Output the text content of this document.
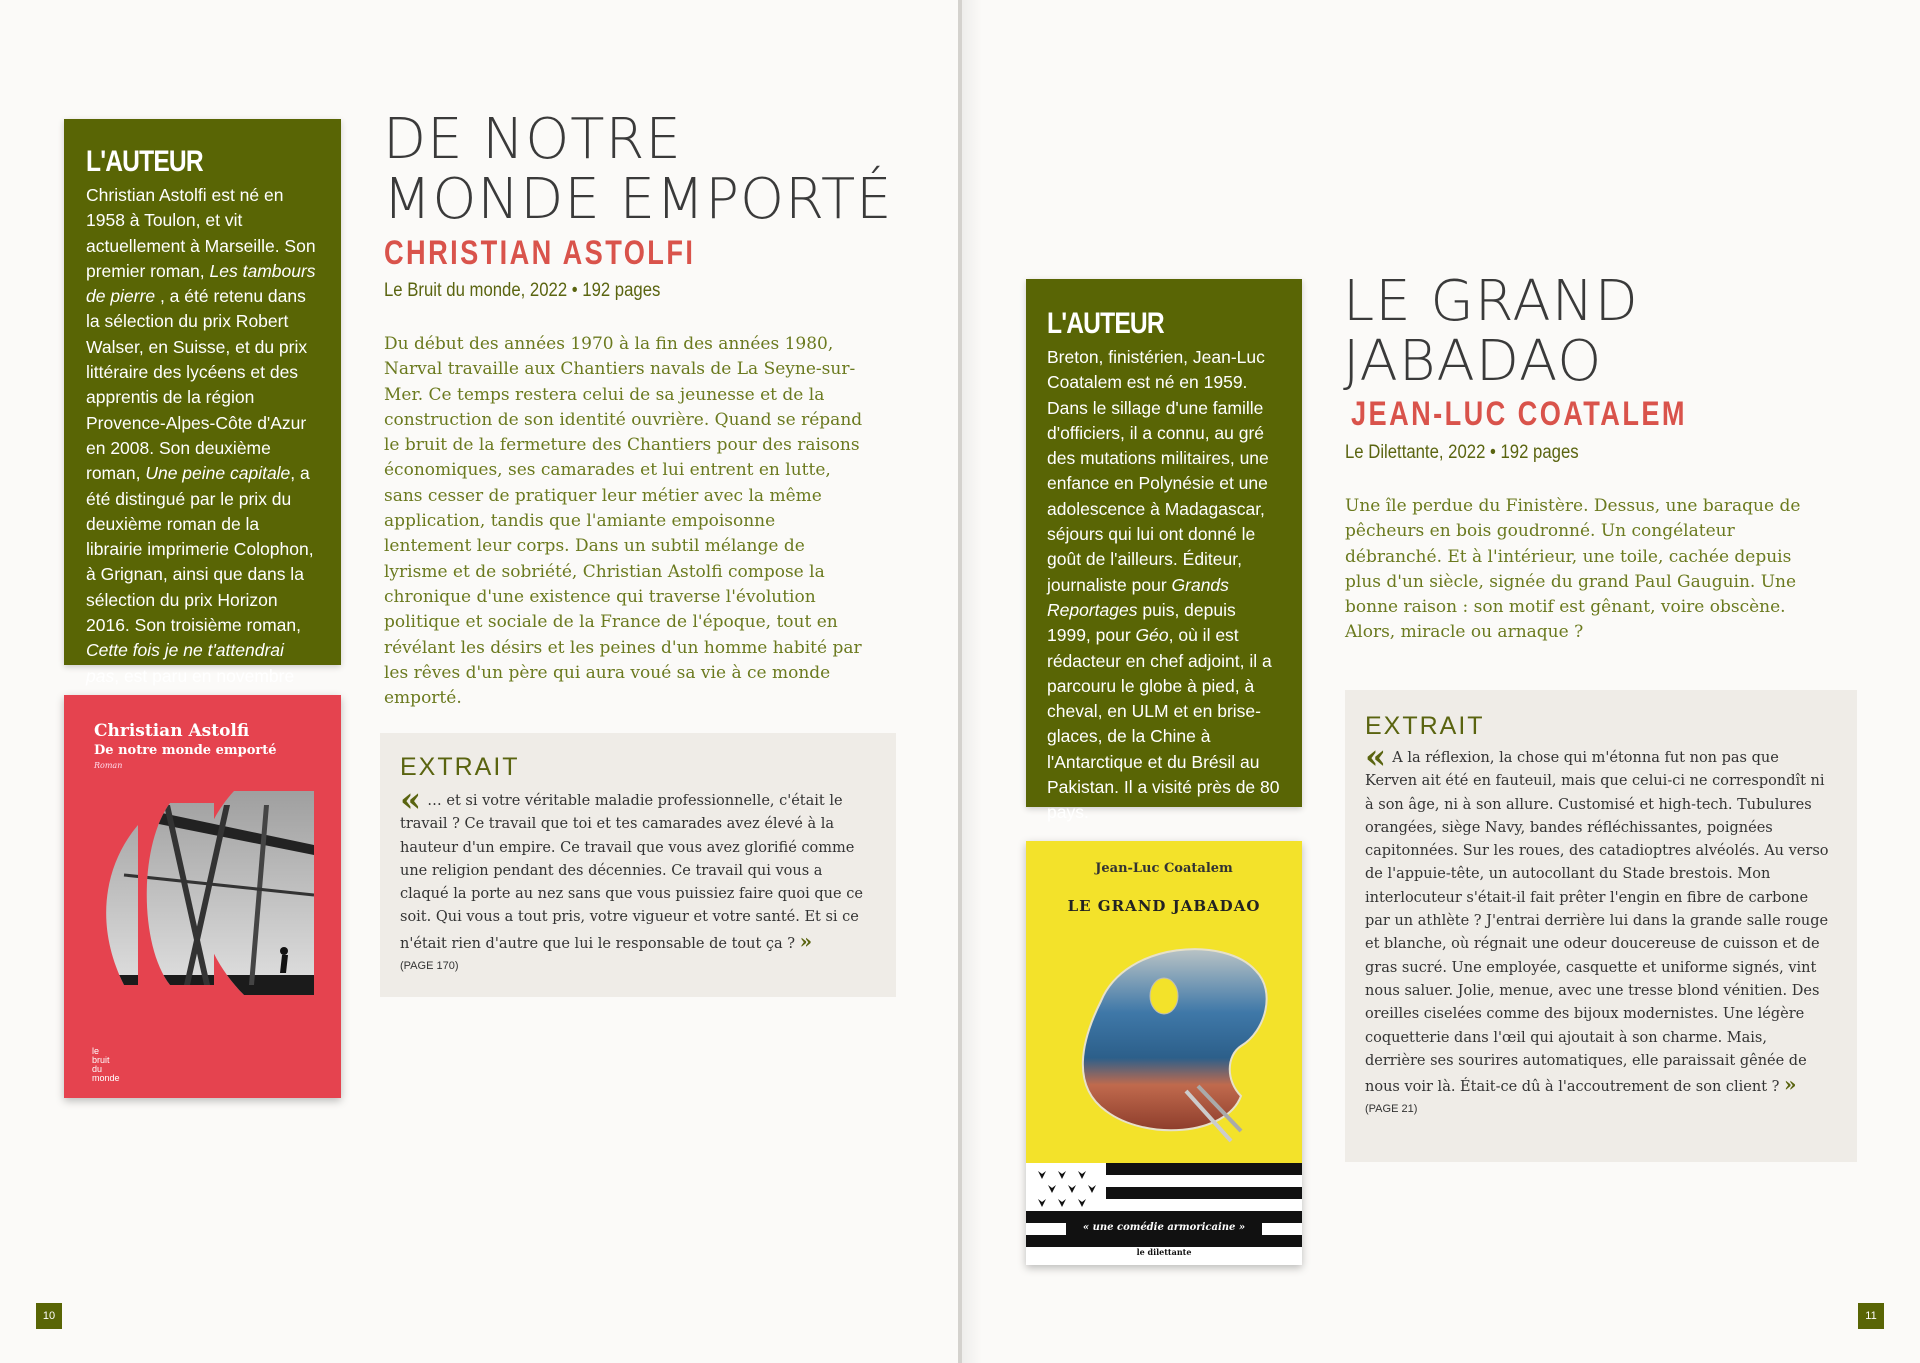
L'AUTEUR

Christian Astolfi est né en 1958 à Toulon, et vit actuellement à Marseille. Son premier roman, Les tambours de pierre , a été retenu dans la sélection du prix Robert Walser, en Suisse, et du prix littéraire des lycéens et des apprentis de la région Provence-Alpes-Côte d'Azur en 2008. Son deuxième roman, Une peine capitale, a été distingué par le prix du deuxième roman de la librairie imprimerie Colophon, à Grignan, ainsi que dans la sélection du prix Horizon 2016. Son troisième roman, Cette fois je ne t'attendrai pas, est paru en novembre

DE NOTRE
MONDE EMPORTÉ
CHRISTIAN ASTOLFI

Le Bruit du monde, 2022 • 192 pages

Du début des années 1970 à la fin des années 1980, Narval travaille aux Chantiers navals de La Seyne-sur-Mer. Ce temps restera celui de sa jeunesse et de la construction de son identité ouvrière. Quand se répand le bruit de la fermeture des Chantiers pour des raisons économiques, ses camarades et lui entrent en lutte, sans cesser de pratiquer leur métier avec la même application, tandis que l'amiante empoisonne lentement leur corps. Dans un subtil mélange de lyrisme et de sobriété, Christian Astolfi compose la chronique d'une existence qui traverse l'évolution politique et sociale de la France de l'époque, tout en révélant les désirs et les peines d'un homme habité par les rêves d'un père qui aura voué sa vie à ce monde emporté.

EXTRAIT

« … et si votre véritable maladie professionnelle, c'était le travail ? Ce travail que toi et tes camarades avez élevé à la hauteur d'un empire. Ce travail que vous avez glorifié comme une religion pendant des décennies. Ce travail qui vous a claqué la porte au nez sans que vous puissiez faire quoi que ce soit. Qui vous a tout pris, votre vigueur et votre santé. Et si ce n'était rien d'autre que lui le responsable de tout ça ? »

(PAGE 170)

Christian Astolfi
De notre monde emporté
Roman
le
bruit
du
monde
10
L'AUTEUR

Breton, finistérien, Jean-Luc Coatalem est né en 1959. Dans le sillage d'une famille d'officiers, il a connu, au gré des mutations militaires, une enfance en Polynésie et une adolescence à Madagascar, séjours qui lui ont donné le goût de l'ailleurs. Éditeur, journaliste pour Grands Reportages puis, depuis 1999, pour Géo, où il est rédacteur en chef adjoint, il a parcouru le globe à pied, à cheval, en ULM et en brise-glaces, de la Chine à l'Antarctique et du Brésil au Pakistan. Il a visité près de 80 pays.

LE GRAND
JABADAO
JEAN-LUC COATALEM

Le Dilettante, 2022 • 192 pages

Une île perdue du Finistère. Dessus, une baraque de pêcheurs en bois goudronné. Un congélateur débranché. Et à l'intérieur, une toile, cachée depuis plus d'un siècle, signée du grand Paul Gauguin. Une bonne raison : son motif est gênant, voire obscène. Alors, miracle ou arnaque ?

EXTRAIT

« A la réflexion, la chose qui m'étonna fut non pas que Kerven ait été en fauteuil, mais que celui-ci ne correspondît ni à son âge, ni à son allure. Customisé et high-tech. Tubulures orangées, siège Navy, bandes réfléchissantes, poignées capitonnées. Sur les roues, des catadioptres alvéolés. Au verso de l'appuie-tête, un autocollant du Stade brestois. Mon interlocuteur s'était-il fait prêter l'engin en fibre de carbone par un athlète ? J'entrai derrière lui dans la grande salle rouge et blanche, où régnait une odeur doucereuse de cuisson et de gras sucré. Une employée, casquette et uniforme signés, vint nous saluer. Jolie, menue, avec une tresse blond vénitien. Des oreilles ciselées comme des bijoux modernistes. Une légère coquetterie dans l'œil qui ajoutait à son charme. Mais, derrière ses sourires automatiques, elle paraissait gênée de nous voir là. Était-ce dû à l'accoutrement de son client ? »

(PAGE 21)

Jean-Luc Coatalem
LE GRAND JABADAO
« une comédie armoricaine »
le dilettante
11
